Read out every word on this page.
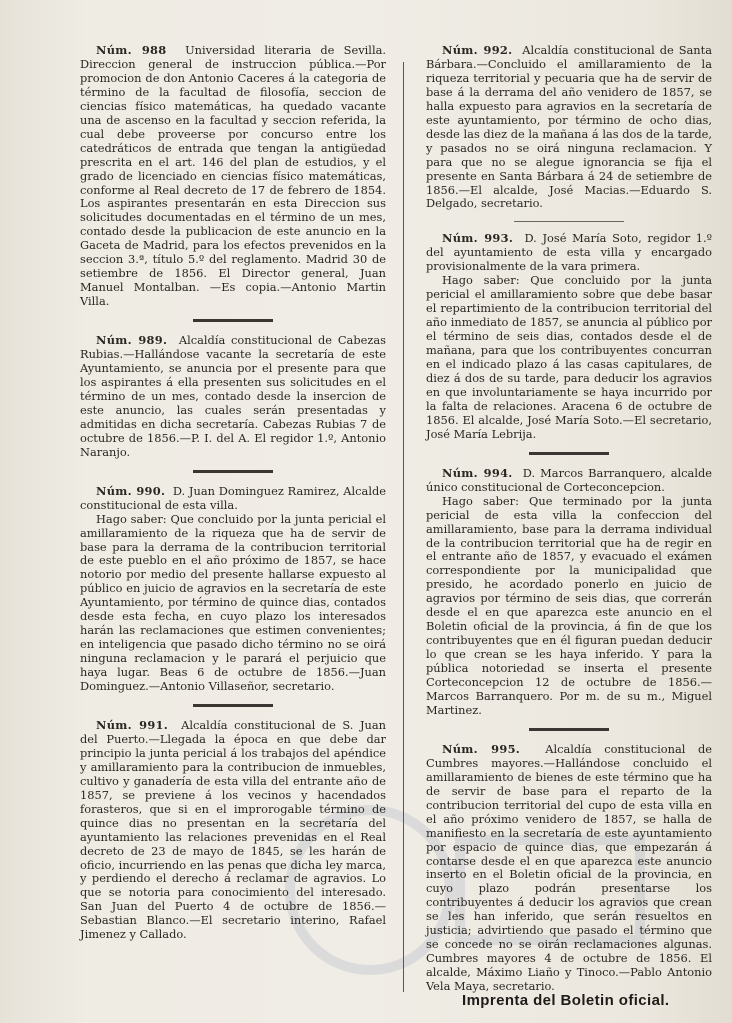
Núm. 988 Universidad literaria de Sevilla. Direccion general de instruccion pública.—Por promocion de don Antonio Caceres á la categoria de término de la facultad de filosofía, seccion de ciencias físico matemáticas, ha quedado vacante una de ascenso en la facultad y seccion referida, la cual debe proveerse por concurso entre los catedráticos de entrada que tengan la antigüedad prescrita en el art. 146 del plan de estudios, y el grado de licenciado en ciencias físico matemáticas, conforme al Real decreto de 17 de febrero de 1854. Los aspirantes presentarán en esta Direccion sus solicitudes documentadas en el término de un mes, contado desde la publicacion de este anuncio en la Gaceta de Madrid, para los efectos prevenidos en la seccion 3.ª, título 5.º del reglamento. Madrid 30 de setiembre de 1856. El Director general, Juan Manuel Montalban. —Es copia.—Antonio Martin Villa.

Núm. 989. Alcaldía constitucional de Cabezas Rubias.—Hallándose vacante la secretaría de este Ayuntamiento, se anuncia por el presente para que los aspirantes á ella presenten sus solicitudes en el término de un mes, contado desde la insercion de este anuncio, las cuales serán presentadas y admitidas en dicha secretaría. Cabezas Rubias 7 de octubre de 1856.—P. I. del A. El regidor 1.º, Antonio Naranjo.

Núm. 990. D. Juan Dominguez Ramirez, Alcalde constitucional de esta villa.

Hago saber: Que concluido por la junta pericial el amillaramiento de la riqueza que ha de servir de base para la derrama de la contribucion territorial de este pueblo en el año próximo de 1857, se hace notorio por medio del presente hallarse expuesto al público en juicio de agravios en la secretaría de este Ayuntamiento, por término de quince dias, contados desde esta fecha, en cuyo plazo los interesados harán las reclamaciones que estimen convenientes; en inteligencia que pasado dicho término no se oirá ninguna reclamacion y le parará el perjuicio que haya lugar. Beas 6 de octubre de 1856.—Juan Dominguez.—Antonio Villaseñor, secretario.

Núm. 991. Alcaldía constitucional de S. Juan del Puerto.—Llegada la época en que debe dar principio la junta pericial á los trabajos del apéndice y amillaramiento para la contribucion de inmuebles, cultivo y ganadería de esta villa del entrante año de 1857, se previene á los vecinos y hacendados forasteros, que si en el improrogable término de quince dias no presentan en la secretaría del ayuntamiento las relaciones prevenidas en el Real decreto de 23 de mayo de 1845, se les harán de oficio, incurriendo en las penas que dicha ley marca, y perdiendo el derecho á reclamar de agravios. Lo que se notoria para conocimiento del interesado. San Juan del Puerto 4 de octubre de 1856.—Sebastian Blanco.—El secretario interino, Rafael Jimenez y Callado.

Núm. 992. Alcaldía constitucional de Santa Bárbara.—Concluido el amillaramiento de la riqueza territorial y pecuaria que ha de servir de base á la derrama del año venidero de 1857, se halla expuesto para agravios en la secretaría de este ayuntamiento, por término de ocho dias, desde las diez de la mañana á las dos de la tarde, y pasados no se oirá ninguna reclamacion. Y para que no se alegue ignorancia se fija el presente en Santa Bárbara á 24 de setiembre de 1856.—El alcalde, José Macias.—Eduardo S. Delgado, secretario.

Núm. 993. D. José María Soto, regidor 1.º del ayuntamiento de esta villa y encargado provisionalmente de la vara primera.

Hago saber: Que concluido por la junta pericial el amillaramiento sobre que debe basar el repartimiento de la contribucion territorial del año inmediato de 1857, se anuncia al público por el término de seis dias, contados desde el de mañana, para que los contribuyentes concurran en el indicado plazo á las casas capitulares, de diez á dos de su tarde, para deducir los agravios en que involuntariamente se haya incurrido por la falta de relaciones. Aracena 6 de octubre de 1856. El alcalde, José María Soto.—El secretario, José María Lebrija.

Núm. 994. D. Marcos Barranquero, alcalde único constitucional de Corteconcepcion.

Hago saber: Que terminado por la junta pericial de esta villa la confeccion del amillaramiento, base para la derrama individual de la contribucion territorial que ha de regir en el entrante año de 1857, y evacuado el exámen correspondiente por la municipalidad que presido, he acordado ponerlo en juicio de agravios por término de seis dias, que correrán desde el en que aparezca este anuncio en el Boletin oficial de la provincia, á fin de que los contribuyentes que en él figuran puedan deducir lo que crean se les haya inferido. Y para la pública notoriedad se inserta el presente Corteconcepcion 12 de octubre de 1856.—Marcos Barranquero. Por m. de su m., Miguel Martinez.

Núm. 995. Alcaldía constitucional de Cumbres mayores.—Hallándose concluido el amillaramiento de bienes de este término que ha de servir de base para el reparto de la contribucion territorial del cupo de esta villa en el año próximo venidero de 1857, se halla de manifiesto en la secretaría de este ayuntamiento por espacio de quince dias, que empezarán á contarse desde el en que aparezca este anuncio inserto en el Boletin oficial de la provincia, en cuyo plazo podrán presentarse los contribuyentes á deducir los agravios que crean se les han inferido, que serán resueltos en justicia; advirtiendo que pasado el término que se concede no se oirán reclamaciones algunas. Cumbres mayores 4 de octubre de 1856. El alcalde, Máximo Liaño y Tinoco.—Pablo Antonio Vela Maya, secretario.

Imprenta del Boletin oficial.
